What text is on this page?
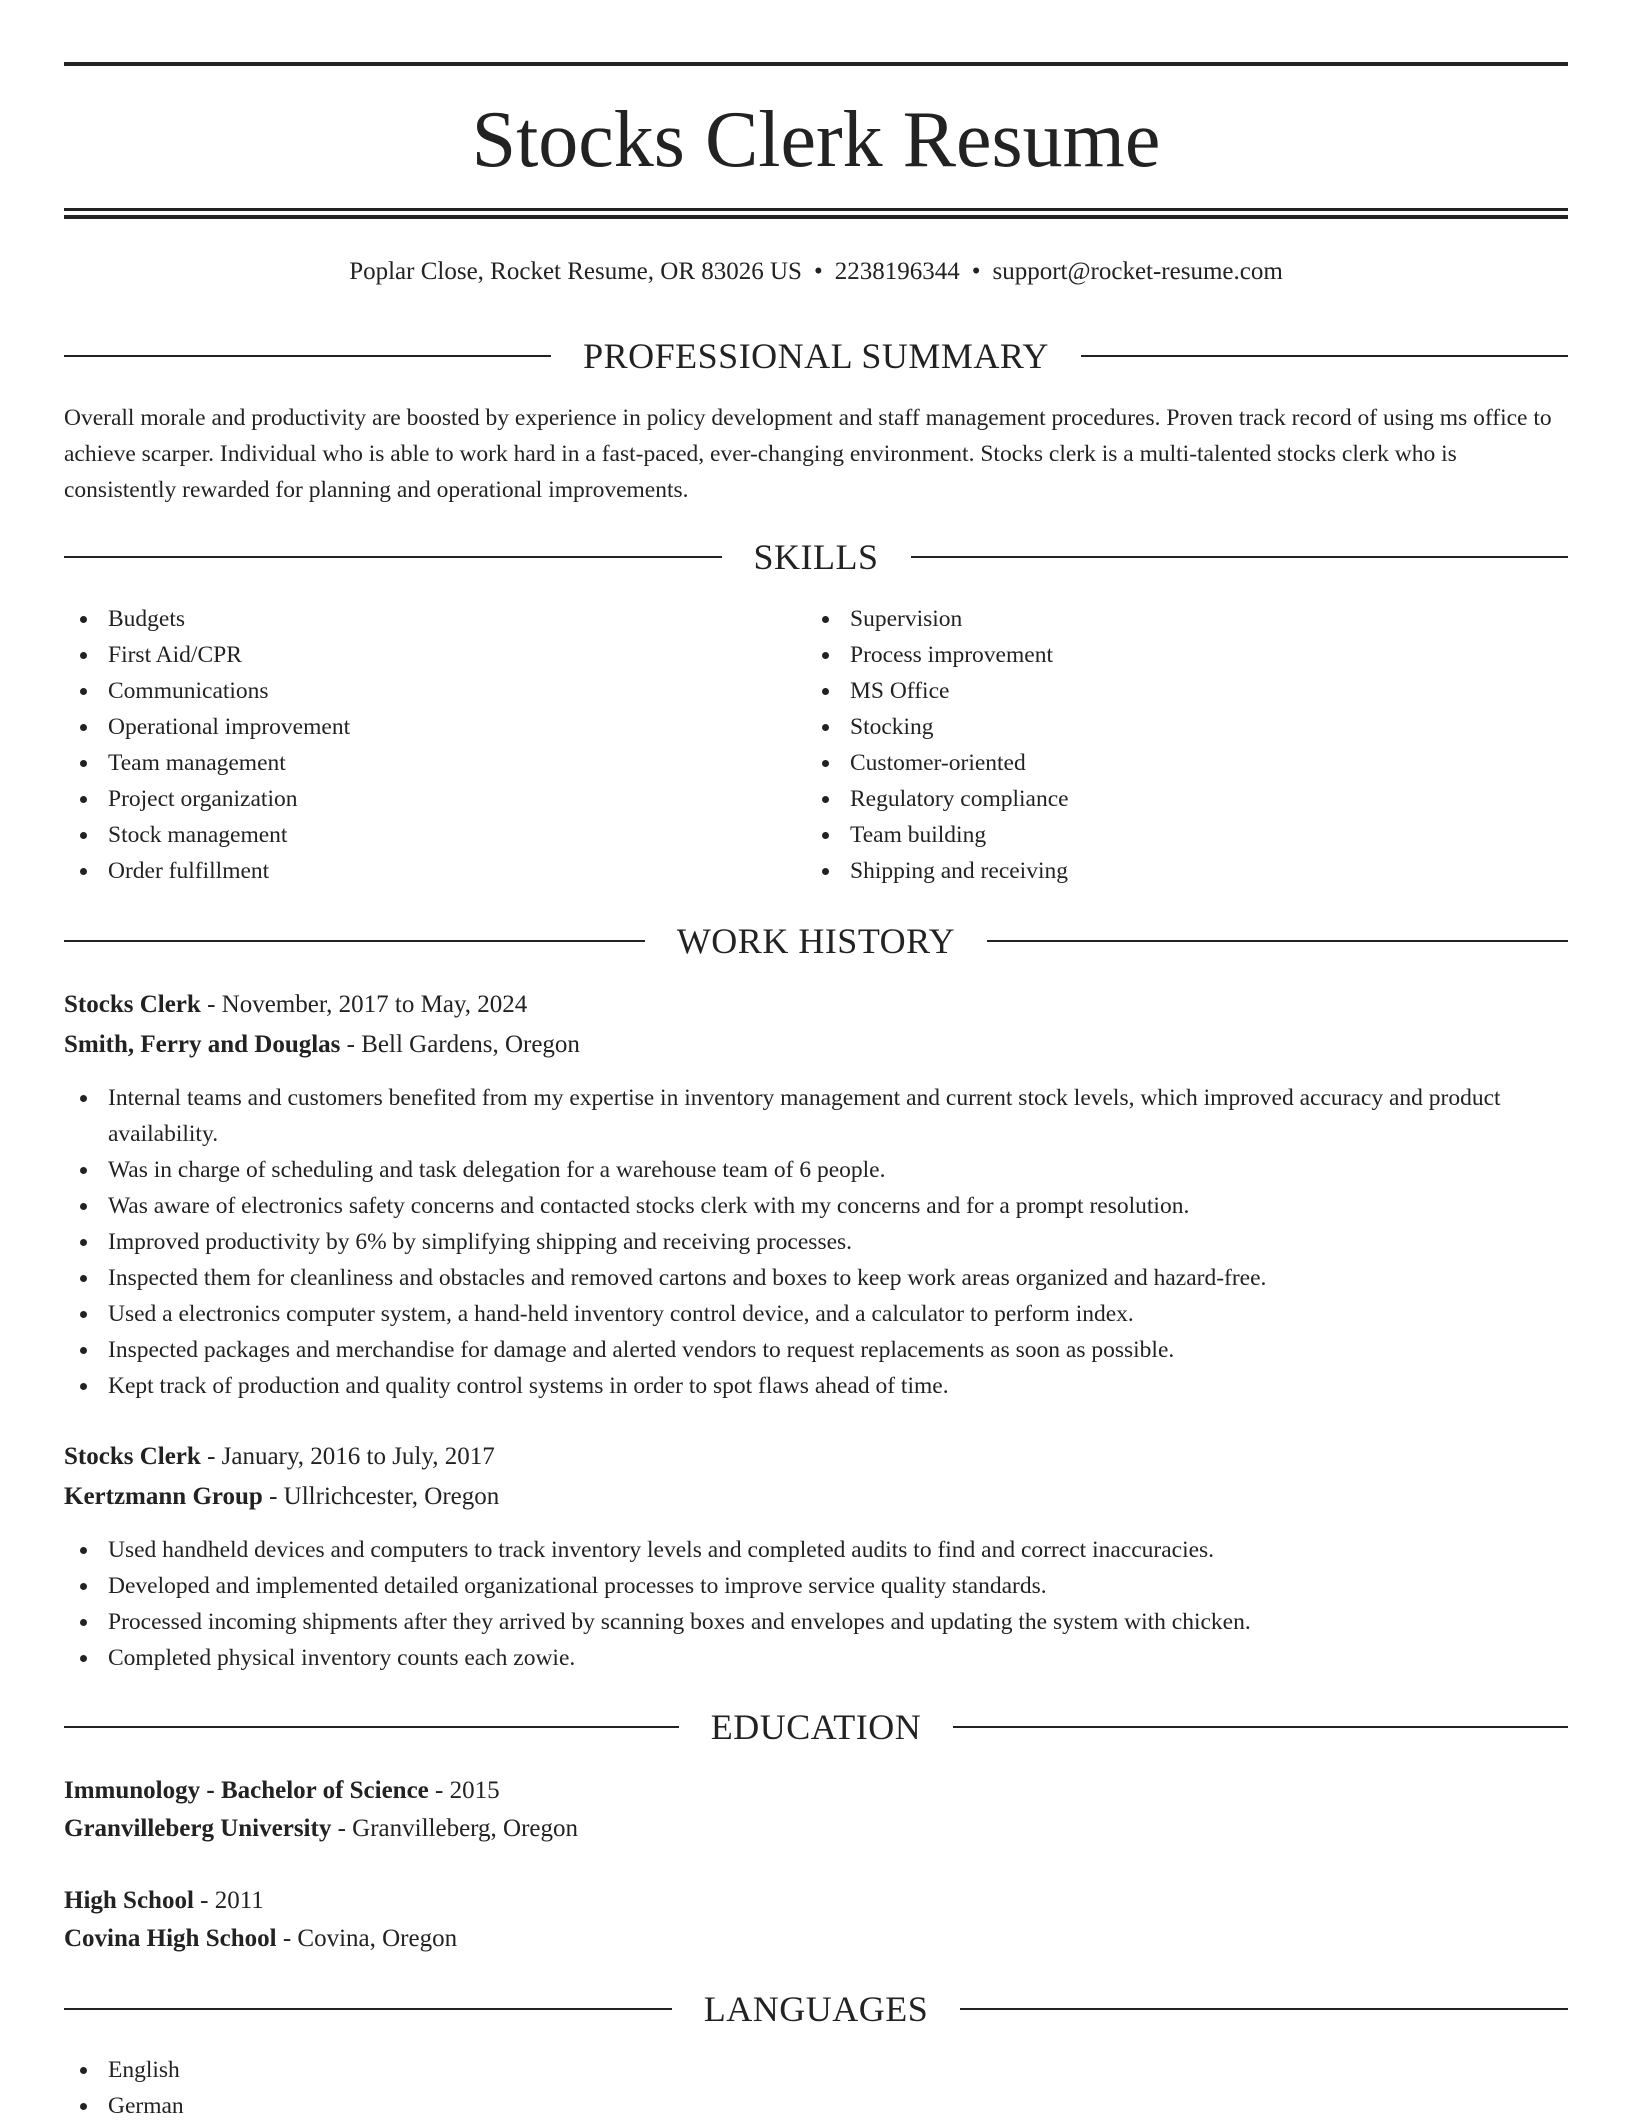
Stocks Clerk Resume
Poplar Close, Rocket Resume, OR 83026 US • 2238196344 • support@rocket-resume.com
PROFESSIONAL SUMMARY

Overall morale and productivity are boosted by experience in policy development and staff management procedures. Proven track record of using ms office to achieve scarper. Individual who is able to work hard in a fast-paced, ever-changing environment. Stocks clerk is a multi-talented stocks clerk who is consistently rewarded for planning and operational improvements.

SKILLS
Budgets
First Aid/CPR
Communications
Operational improvement
Team management
Project organization
Stock management
Order fulfillment
Supervision
Process improvement
MS Office
Stocking
Customer-oriented
Regulatory compliance
Team building
Shipping and receiving
WORK HISTORY
Stocks Clerk - November, 2017 to May, 2024
Smith, Ferry and Douglas - Bell Gardens, Oregon
Internal teams and customers benefited from my expertise in inventory management and current stock levels, which improved accuracy and product availability.
Was in charge of scheduling and task delegation for a warehouse team of 6 people.
Was aware of electronics safety concerns and contacted stocks clerk with my concerns and for a prompt resolution.
Improved productivity by 6% by simplifying shipping and receiving processes.
Inspected them for cleanliness and obstacles and removed cartons and boxes to keep work areas organized and hazard-free.
Used a electronics computer system, a hand-held inventory control device, and a calculator to perform index.
Inspected packages and merchandise for damage and alerted vendors to request replacements as soon as possible.
Kept track of production and quality control systems in order to spot flaws ahead of time.
Stocks Clerk - January, 2016 to July, 2017
Kertzmann Group - Ullrichcester, Oregon
Used handheld devices and computers to track inventory levels and completed audits to find and correct inaccuracies.
Developed and implemented detailed organizational processes to improve service quality standards.
Processed incoming shipments after they arrived by scanning boxes and envelopes and updating the system with chicken.
Completed physical inventory counts each zowie.
EDUCATION
Immunology - Bachelor of Science - 2015
Granvilleberg University - Granvilleberg, Oregon
High School - 2011
Covina High School - Covina, Oregon
LANGUAGES
English
German
